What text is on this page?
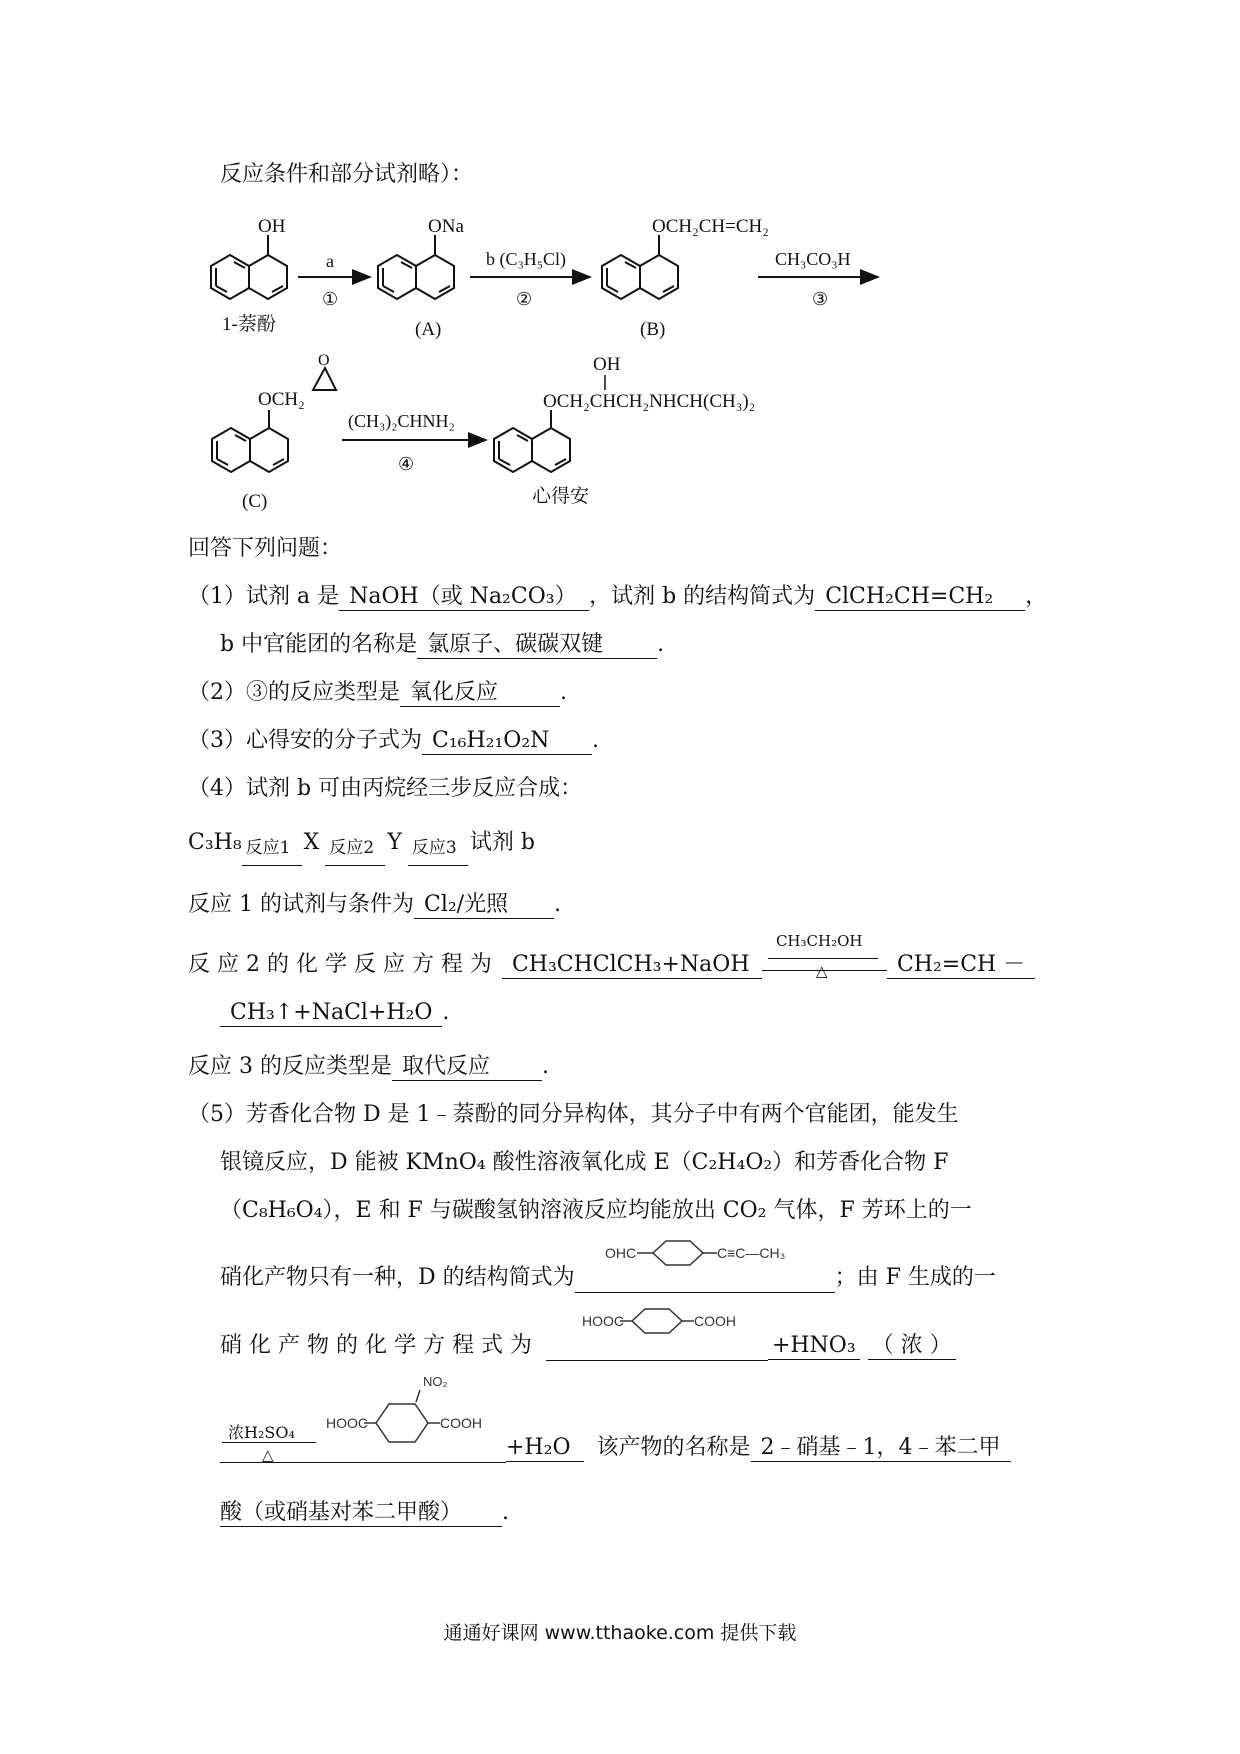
反应条件和部分试剂略）：
OH
1-萘酚
a
①
ONa
(A)
b (C₃H₅Cl)
②
OCH₂CH=CH₂
(B)
CH₃CO₃H
③
OCH₂
O
(C)
(CH₃)₂CHNH₂
④
OH
OCH₂CHCH₂NHCH(CH₃)₂
心得安
回答下列问题：
（1）试剂 a 是 NaOH（或 Na₂CO₃） ，试剂 b 的结构简式为 ClCH₂CH=CH₂ ，
b 中官能团的名称是 氯原子、碳碳双键 .
（2）③的反应类型是 氧化反应	.
（3）心得安的分子式为 C₁₆H₂₁O₂N .
（4）试剂 b 可由丙烷经三步反应合成：
C₃H₈ 反应1 X 反应2 Y 反应3 试剂 b
反应 1 的试剂与条件为 Cl₂/光照 .
反 应 2 的 化 学 反 应 方 程 为 CH₃CHClCH₃+NaOH
CH₃CH₂OH
△	CH₂=CH －
CH₃↑+NaCl+H₂O .
反应 3 的反应类型是 取代反应 .
（5）芳香化合物 D 是 1﹣萘酚的同分异构体，其分子中有两个官能团，能发生
银镜反应，D 能被 KMnO₄ 酸性溶液氧化成 E（C₂H₄O₂）和芳香化合物 F
（C₈H₆O₄），E 和 F 与碳酸氢钠溶液反应均能放出 CO₂ 气体，F 芳环上的一
硝化产物只有一种，D 的结构简式为
OHC	C≡C—CH₃
；由 F 生成的一
硝 化 产 物 的 化 学 方 程 式 为
HOOC	COOH
+HNO₃ （ 浓 ）
浓H₂SO₄
△
NO₂
HOOC	COOH
+H₂O 该产物的名称是 2﹣硝基﹣1，4﹣苯二甲
酸（或硝基对苯二甲酸） .
通通好课网 www.tthaoke.com 提供下载
